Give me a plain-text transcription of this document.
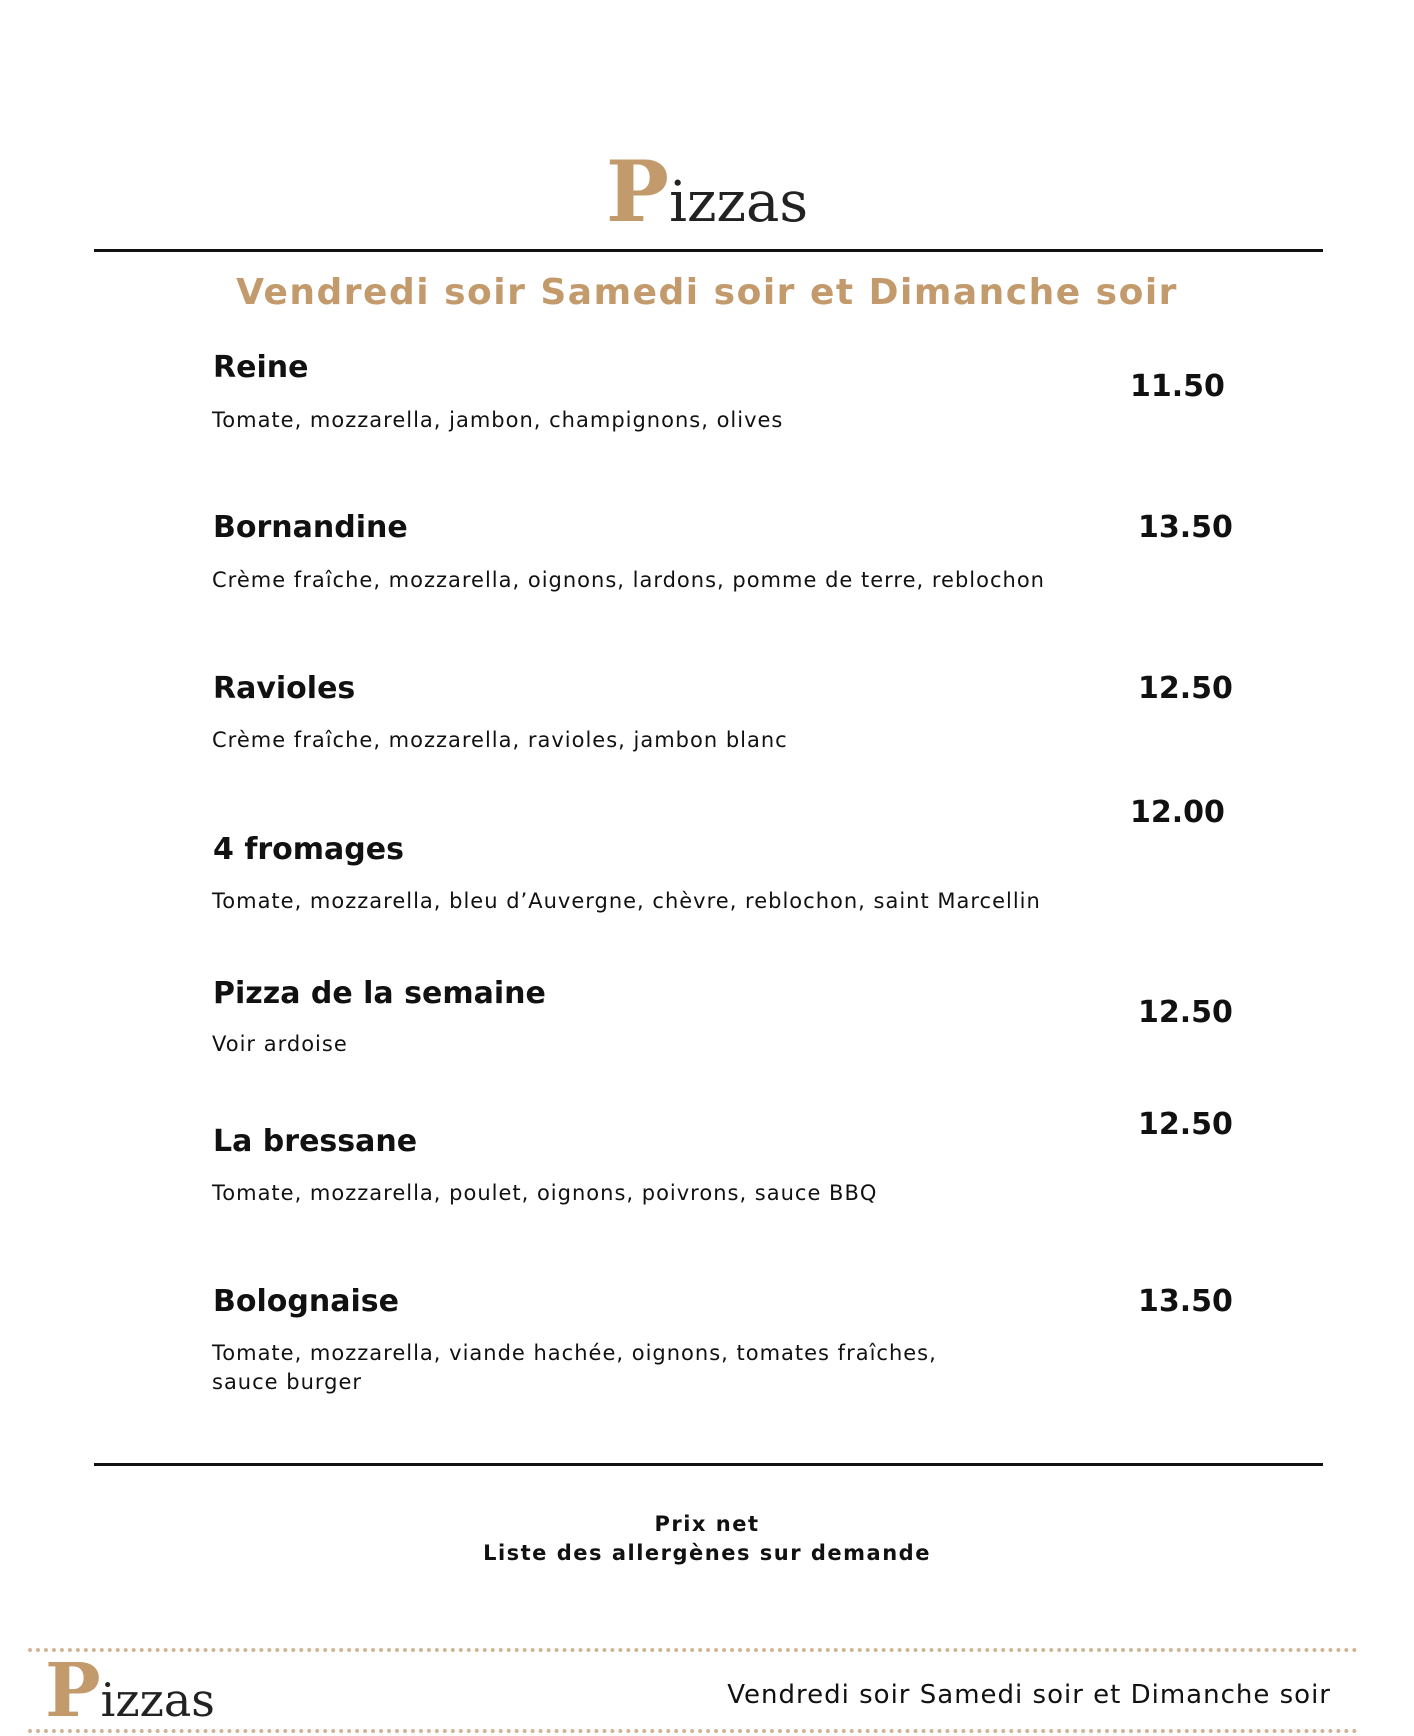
Pizzas
Vendredi soir Samedi soir et Dimanche soir
Reine
Tomate, mozzarella, jambon, champignons, olives
11.50
Bornandine
Crème fraîche, mozzarella, oignons, lardons, pomme de terre, reblochon
13.50
Ravioles
Crème fraîche, mozzarella, ravioles, jambon blanc
12.50
4 fromages
Tomate, mozzarella, bleu d’Auvergne, chèvre, reblochon, saint Marcellin
12.00
Pizza de la semaine
Voir ardoise
12.50
La bressane
Tomate, mozzarella, poulet, oignons, poivrons, sauce BBQ
12.50
Bolognaise
Tomate, mozzarella, viande hachée, oignons, tomates fraîches, sauce burger
13.50
Prix net
Liste des allergènes sur demande
Pizzas	Vendredi soir Samedi soir et Dimanche soir
